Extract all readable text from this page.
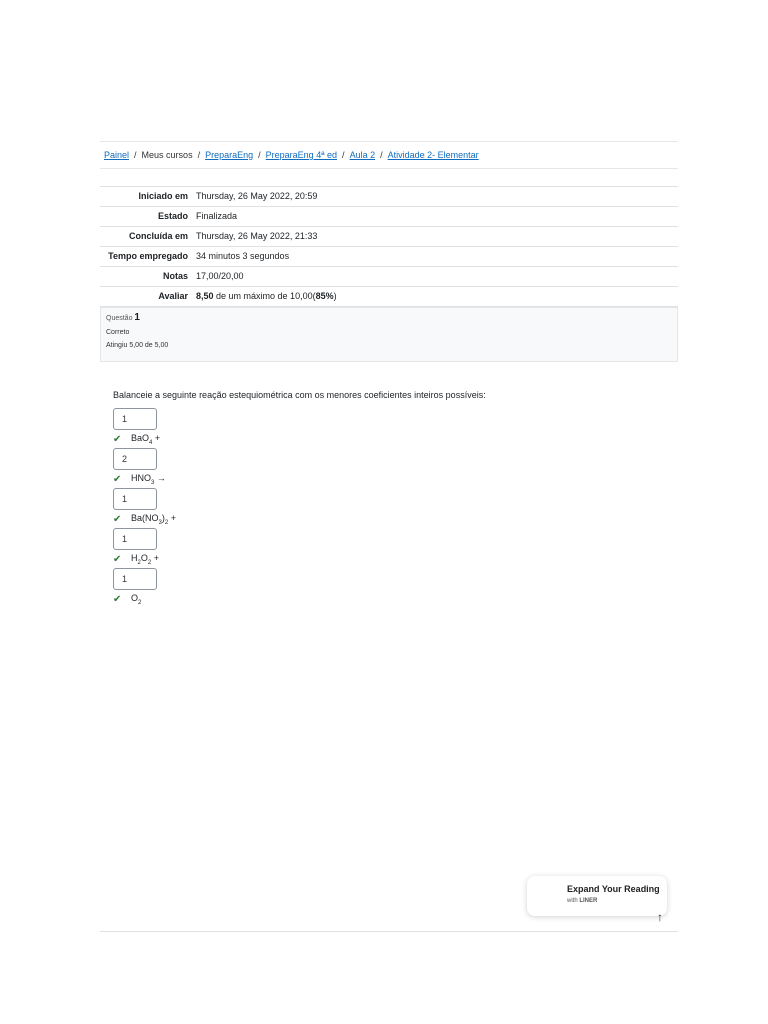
Painel / Meus cursos / PreparaEng / PreparaEng 4ª ed / Aula 2 / Atividade 2- Elementar
Iniciado em	Thursday, 26 May 2022, 20:59
Estado	Finalizada
Concluída em	Thursday, 26 May 2022, 21:33
Tempo empregado	34 minutos 3 segundos
Notas	17,00/20,00
Avaliar	8,50 de um máximo de 10,00(85%)
Questão 1
Correto
Atingiu 5,00 de 5,00
Balanceie a seguinte reação estequiométrica com os menores coeficientes inteiros possíveis:
1
✔ BaO$_4$ +
2
✔ $HNO_3$ →
1
✔ $Ba(NO_3)_2$ +
1
✔ $H_2O_2$ +
1
✔ $O_2$
Expand Your Reading
with LINER
↑
